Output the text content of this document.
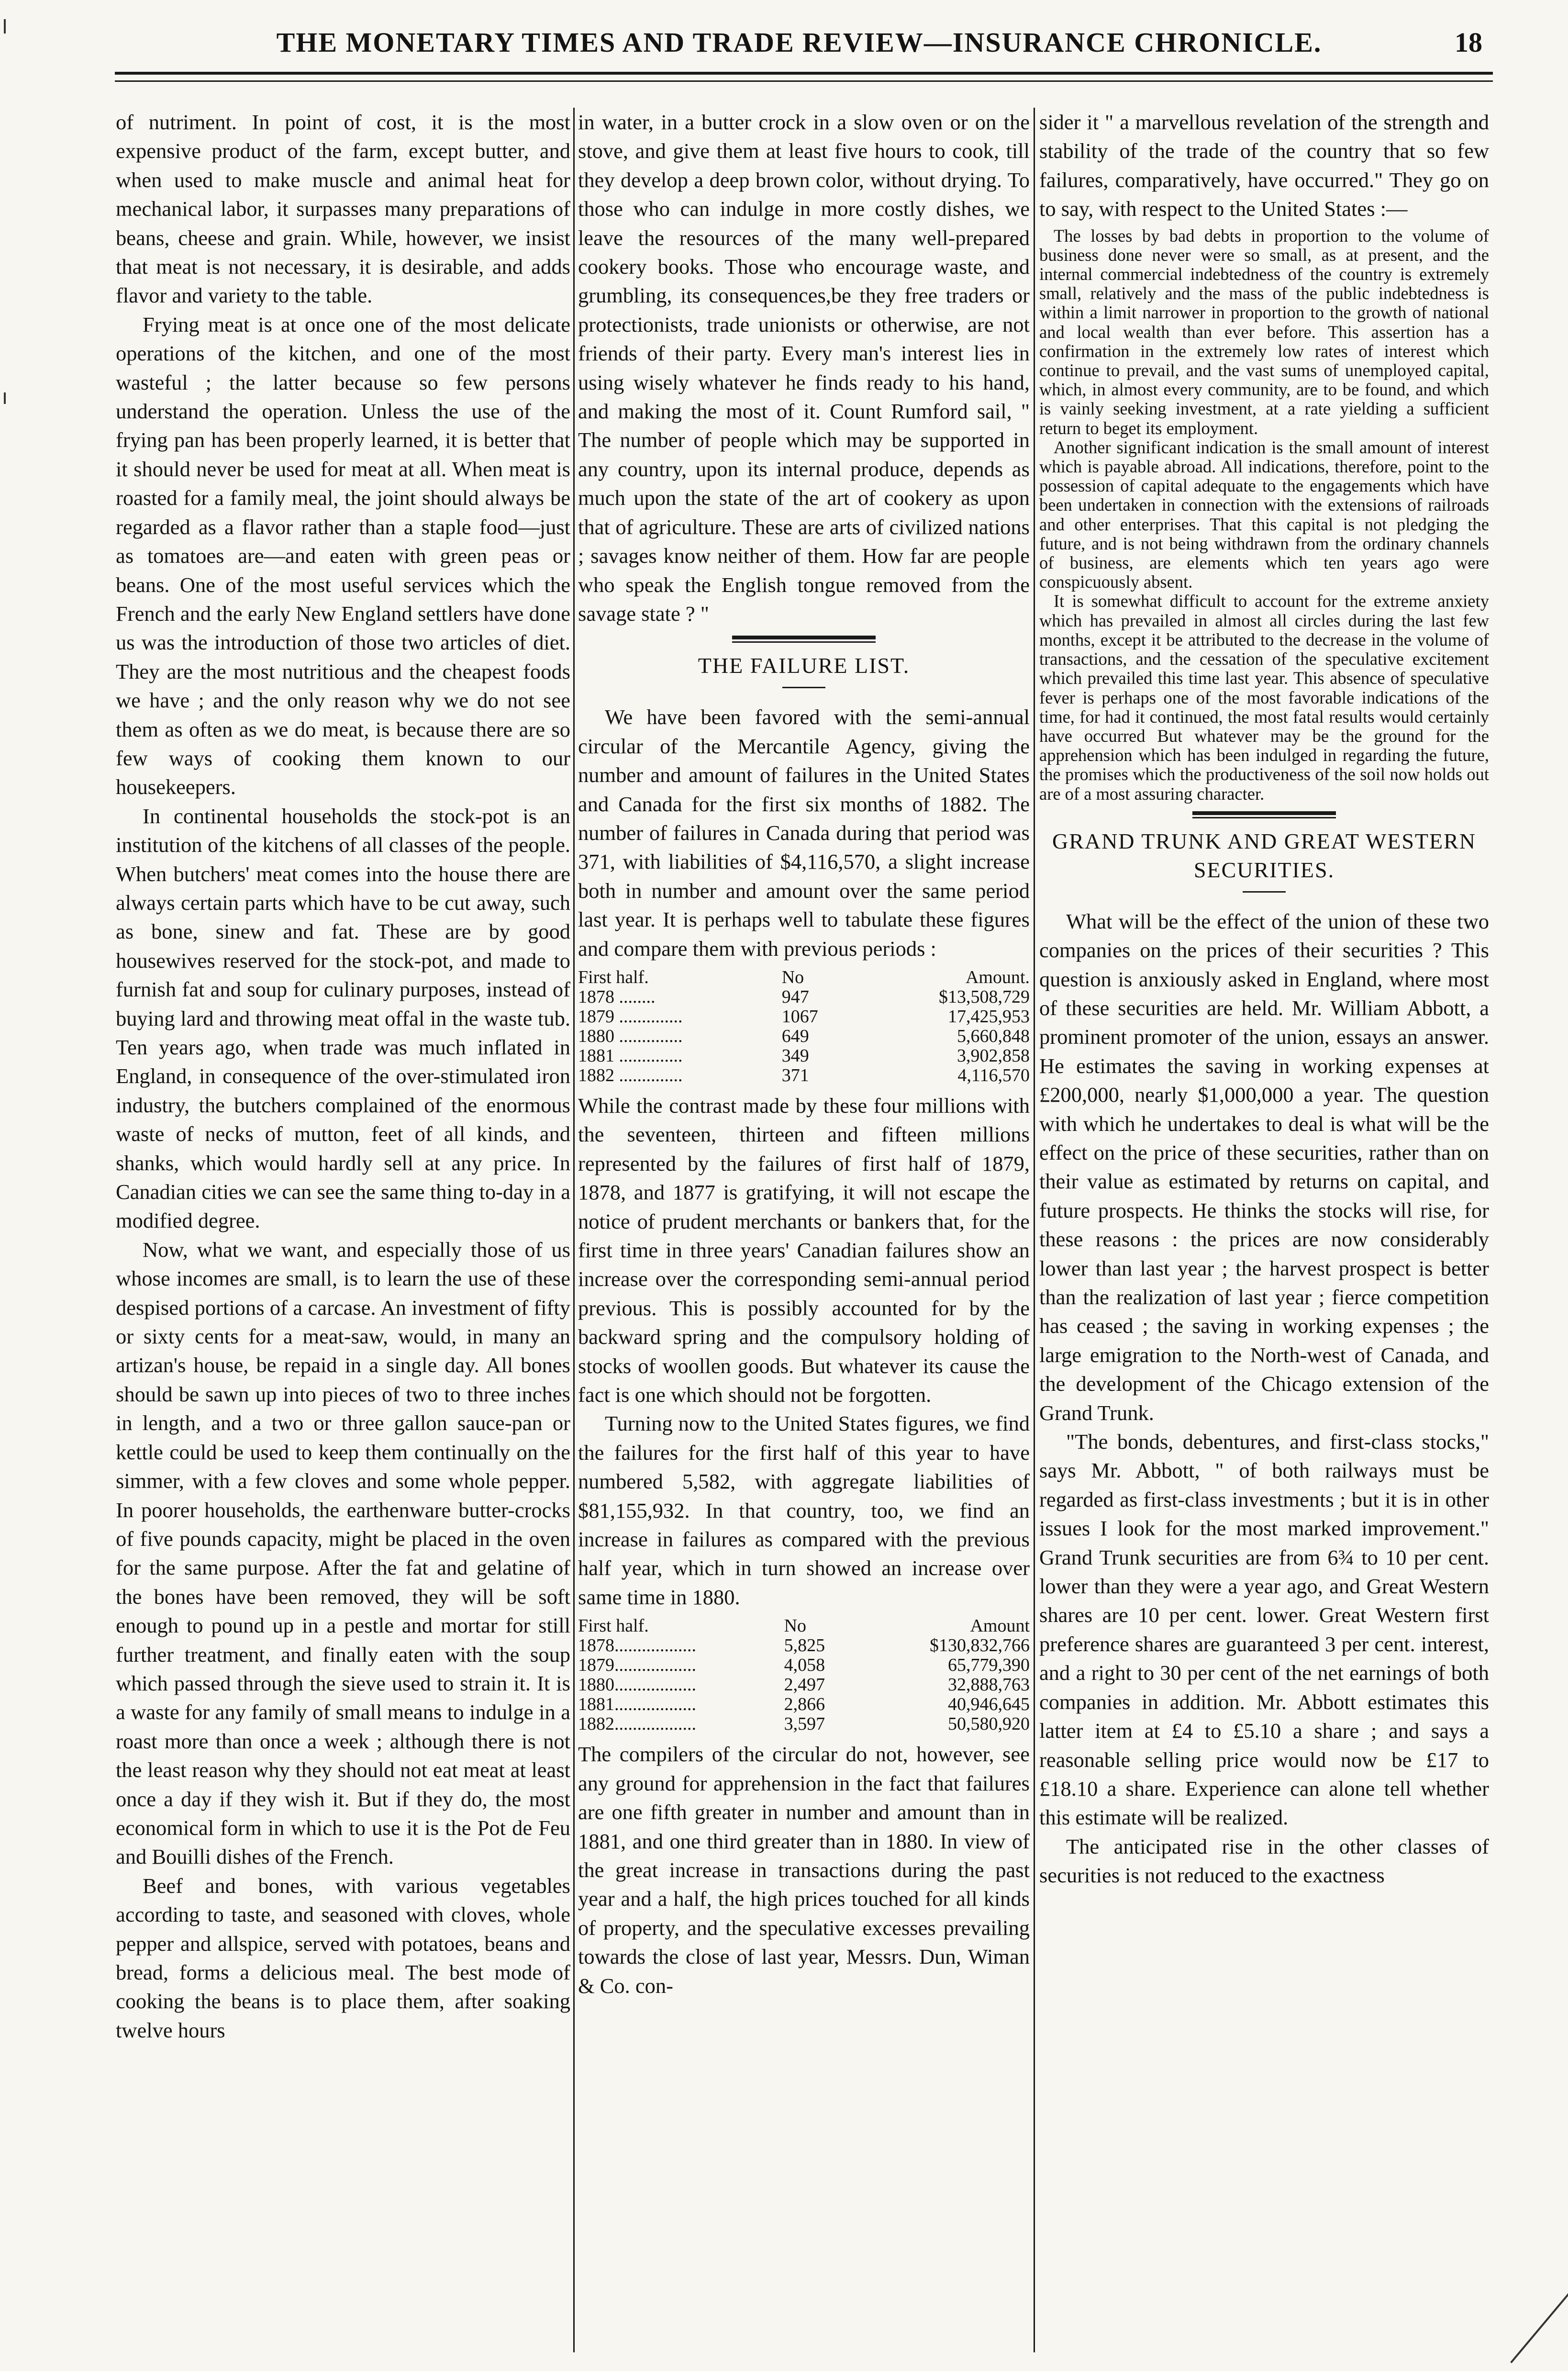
THE MONETARY TIMES AND TRADE REVIEW—INSURANCE CHRONICLE.	18

of nutriment. In point of cost, it is the most expensive product of the farm, except butter, and when used to make muscle and animal heat for mechanical labor, it surpasses many preparations of beans, cheese and grain. While, however, we insist that meat is not necessary, it is desirable, and adds flavor and variety to the table.

Frying meat is at once one of the most delicate operations of the kitchen, and one of the most wasteful ; the latter because so few persons understand the operation. Unless the use of the frying pan has been properly learned, it is better that it should never be used for meat at all. When meat is roasted for a family meal, the joint should always be regarded as a flavor rather than a staple food—just as tomatoes are—and eaten with green peas or beans. One of the most useful services which the French and the early New England settlers have done us was the introduction of those two articles of diet. They are the most nutritious and the cheapest foods we have ; and the only reason why we do not see them as often as we do meat, is because there are so few ways of cooking them known to our housekeepers.

In continental households the stock-pot is an institution of the kitchens of all classes of the people. When butchers' meat comes into the house there are always certain parts which have to be cut away, such as bone, sinew and fat. These are by good housewives reserved for the stock-pot, and made to furnish fat and soup for culinary purposes, instead of buying lard and throwing meat offal in the waste tub. Ten years ago, when trade was much inflated in England, in consequence of the over-stimulated iron industry, the butchers complained of the enormous waste of necks of mutton, feet of all kinds, and shanks, which would hardly sell at any price. In Canadian cities we can see the same thing to-day in a modified degree.

Now, what we want, and especially those of us whose incomes are small, is to learn the use of these despised portions of a carcase. An investment of fifty or sixty cents for a meat-saw, would, in many an artizan's house, be repaid in a single day. All bones should be sawn up into pieces of two to three inches in length, and a two or three gallon sauce-pan or kettle could be used to keep them continually on the simmer, with a few cloves and some whole pepper. In poorer households, the earthenware butter-crocks of five pounds capacity, might be placed in the oven for the same purpose. After the fat and gelatine of the bones have been removed, they will be soft enough to pound up in a pestle and mortar for still further treatment, and finally eaten with the soup which passed through the sieve used to strain it. It is a waste for any family of small means to indulge in a roast more than once a week ; although there is not the least reason why they should not eat meat at least once a day if they wish it. But if they do, the most economical form in which to use it is the Pot de Feu and Bouilli dishes of the French.

Beef and bones, with various vegetables according to taste, and seasoned with cloves, whole pepper and allspice, served with potatoes, beans and bread, forms a delicious meal. The best mode of cooking the beans is to place them, after soaking twelve hours

in water, in a butter crock in a slow oven or on the stove, and give them at least five hours to cook, till they develop a deep brown color, without drying. To those who can indulge in more costly dishes, we leave the resources of the many well-prepared cookery books. Those who encourage waste, and grumbling, its consequences,be they free traders or protectionists, trade unionists or otherwise, are not friends of their party. Every man's interest lies in using wisely whatever he finds ready to his hand, and making the most of it. Count Rumford sail, " The number of people which may be supported in any country, upon its internal produce, depends as much upon the state of the art of cookery as upon that of agriculture. These are arts of civilized nations ; savages know neither of them. How far are people who speak the English tongue removed from the savage state ? "

THE FAILURE LIST.

We have been favored with the semi-annual circular of the Mercantile Agency, giving the number and amount of failures in the United States and Canada for the first six months of 1882. The number of failures in Canada during that period was 371, with liabilities of $4,116,570, a slight increase both in number and amount over the same period last year. It is perhaps well to tabulate these figures and compare them with previous periods :

First half.	No	Amount.
1878 ........	947	$13,508,729
1879 ..............	1067	17,425,953
1880 ..............	649	5,660,848
1881 ..............	349	3,902,858
1882 ..............	371	4,116,570

While the contrast made by these four millions with the seventeen, thirteen and fifteen millions represented by the failures of first half of 1879, 1878, and 1877 is gratifying, it will not escape the notice of prudent merchants or bankers that, for the first time in three years' Canadian failures show an increase over the corresponding semi-annual period previous. This is possibly accounted for by the backward spring and the compulsory holding of stocks of woollen goods. But whatever its cause the fact is one which should not be forgotten.

Turning now to the United States figures, we find the failures for the first half of this year to have numbered 5,582, with aggregate liabilities of $81,155,932. In that country, too, we find an increase in failures as compared with the previous half year, which in turn showed an increase over same time in 1880.

First half.	No	Amount
1878..................	5,825	$130,832,766
1879..................	4,058	65,779,390
1880..................	2,497	32,888,763
1881..................	2,866	40,946,645
1882..................	3,597	50,580,920

The compilers of the circular do not, however, see any ground for apprehension in the fact that failures are one fifth greater in number and amount than in 1881, and one third greater than in 1880. In view of the great increase in transactions during the past year and a half, the high prices touched for all kinds of property, and the speculative excesses prevailing towards the close of last year, Messrs. Dun, Wiman & Co. con-

sider it " a marvellous revelation of the strength and stability of the trade of the country that so few failures, comparatively, have occurred." They go on to say, with respect to the United States :—

The losses by bad debts in proportion to the volume of business done never were so small, as at present, and the internal commercial indebtedness of the country is extremely small, relatively and the mass of the public indebtedness is within a limit narrower in proportion to the growth of national and local wealth than ever before. This assertion has a confirmation in the extremely low rates of interest which continue to prevail, and the vast sums of unemployed capital, which, in almost every community, are to be found, and which is vainly seeking investment, at a rate yielding a sufficient return to beget its employment.

Another significant indication is the small amount of interest which is payable abroad. All indications, therefore, point to the possession of capital adequate to the engagements which have been undertaken in connection with the extensions of railroads and other enterprises. That this capital is not pledging the future, and is not being withdrawn from the ordinary channels of business, are elements which ten years ago were conspicuously absent.

It is somewhat difficult to account for the extreme anxiety which has prevailed in almost all circles during the last few months, except it be attributed to the decrease in the volume of transactions, and the cessation of the speculative excitement which prevailed this time last year. This absence of speculative fever is perhaps one of the most favorable indications of the time, for had it continued, the most fatal results would certainly have occurred But whatever may be the ground for the apprehension which has been indulged in regarding the future, the promises which the productiveness of the soil now holds out are of a most assuring character.

GRAND TRUNK AND GREAT WESTERN SECURITIES.

What will be the effect of the union of these two companies on the prices of their securities ? This question is anxiously asked in England, where most of these securities are held. Mr. William Abbott, a prominent promoter of the union, essays an answer. He estimates the saving in working expenses at £200,000, nearly $1,000,000 a year. The question with which he undertakes to deal is what will be the effect on the price of these securities, rather than on their value as estimated by returns on capital, and future prospects. He thinks the stocks will rise, for these reasons : the prices are now considerably lower than last year ; the harvest prospect is better than the realization of last year ; fierce competition has ceased ; the saving in working expenses ; the large emigration to the North-west of Canada, and the development of the Chicago extension of the Grand Trunk.

"The bonds, debentures, and first-class stocks," says Mr. Abbott, " of both railways must be regarded as first-class investments ; but it is in other issues I look for the most marked improvement." Grand Trunk securities are from 6¾ to 10 per cent. lower than they were a year ago, and Great Western shares are 10 per cent. lower. Great Western first preference shares are guaranteed 3 per cent. interest, and a right to 30 per cent of the net earnings of both companies in addition. Mr. Abbott estimates this latter item at £4 to £5.10 a share ; and says a reasonable selling price would now be £17 to £18.10 a share. Experience can alone tell whether this estimate will be realized.

The anticipated rise in the other classes of securities is not reduced to the exactness
